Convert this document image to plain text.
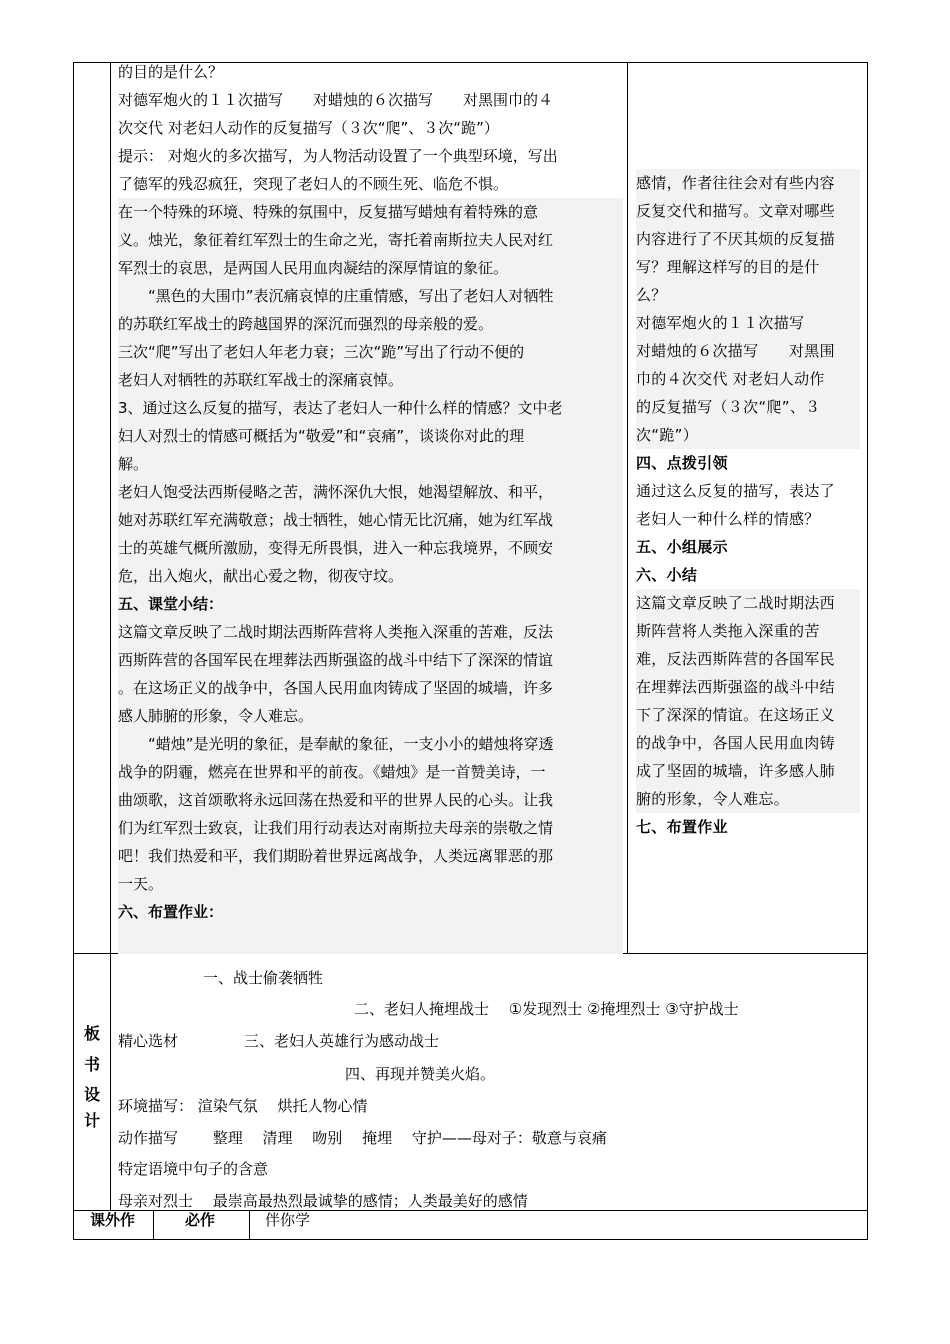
的目的是什么？

对德军炮火的１１次描写　　对蜡烛的６次描写　　对黑围巾的４

次交代 对老妇人动作的反复描写（３次“爬”、３次“跪”）

提示： 对炮火的多次描写，为人物活动设置了一个典型环境，写出

了德军的残忍疯狂，突现了老妇人的不顾生死、临危不惧。

在一个特殊的环境、特殊的氛围中，反复描写蜡烛有着特殊的意

义。烛光，象征着红军烈士的生命之光，寄托着南斯拉夫人民对红

军烈士的哀思，是两国人民用血肉凝结的深厚情谊的象征。

　　“黑色的大围巾”表沉痛哀悼的庄重情感，写出了老妇人对牺牲

的苏联红军战士的跨越国界的深沉而强烈的母亲般的爱。

三次“爬”写出了老妇人年老力衰；三次“跪”写出了行动不便的

老妇人对牺牲的苏联红军战士的深痛哀悼。

3、通过这么反复的描写，表达了老妇人一种什么样的情感？文中老

妇人对烈士的情感可概括为“敬爱”和“哀痛”，谈谈你对此的理

解。

老妇人饱受法西斯侵略之苦，满怀深仇大恨，她渴望解放、和平，

她对苏联红军充满敬意；战士牺牲，她心情无比沉痛，她为红军战

士的英雄气概所激励，变得无所畏惧，进入一种忘我境界，不顾安

危，出入炮火，献出心爱之物，彻夜守坟。

五、课堂小结：

这篇文章反映了二战时期法西斯阵营将人类拖入深重的苦难，反法

西斯阵营的各国军民在埋葬法西斯强盗的战斗中结下了深深的情谊

。在这场正义的战争中，各国人民用血肉铸成了坚固的城墙，许多

感人肺腑的形象，令人难忘。

　　“蜡烛”是光明的象征，是奉献的象征，一支小小的蜡烛将穿透

战争的阴霾，燃亮在世界和平的前夜。《蜡烛》是一首赞美诗，一

曲颂歌，这首颂歌将永远回荡在热爱和平的世界人民的心头。让我

们为红军烈士致哀，让我们用行动表达对南斯拉夫母亲的崇敬之情

吧！我们热爱和平，我们期盼着世界远离战争，人类远离罪恶的那

一天。

六、布置作业：

感情，作者往往会对有些内容

反复交代和描写。文章对哪些

内容进行了不厌其烦的反复描

写？理解这样写的目的是什

么？

对德军炮火的１１次描写

对蜡烛的６次描写　　对黑围

巾的４次交代 对老妇人动作

的反复描写（３次“爬”、３

次“跪”）

四、点拨引领

通过这么反复的描写，表达了

老妇人一种什么样的情感？

五、小组展示

六、小结

这篇文章反映了二战时期法西

斯阵营将人类拖入深重的苦

难，反法西斯阵营的各国军民

在埋葬法西斯强盗的战斗中结

下了深深的情谊。在这场正义

的战争中，各国人民用血肉铸

成了坚固的城墙，许多感人肺

腑的形象，令人难忘。

七、布置作业

板
书
设
计
一、战士偷袭牺牲
二、老妇人掩埋战士　 ①发现烈士 ②掩埋烈士 ③守护战士
精心选材	三、老妇人英雄行为感动战士
四、再现并赞美火焰。
环境描写： 渲染气氛　 烘托人物心情
动作描写　　 整理　 清理　 吻别　 掩埋　 守护——母对子：敬意与哀痛
特定语境中句子的含意
母亲对烈士　 最崇高最热烈最诚挚的感情；人类最美好的感情
课外作	必作	伴你学
